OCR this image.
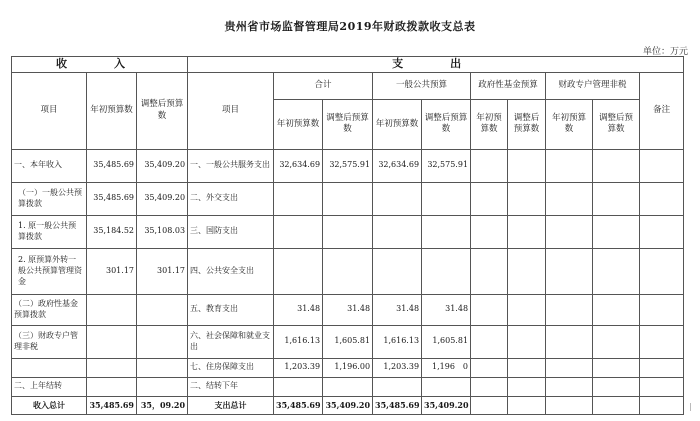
贵州省市场监督管理局2019年财政拨款收支总表
单位：万元
收　入			支　出									
项目	年初预算数	调整后预算数	项目	合计		一般公共预算		政府性基金预算		财政专户管理非税		备注
				年初预算数	调整后预算数	年初预算数	调整后预算数	年初预算数	调整后预算数	年初预算数	调整后预算数	
一、本年收入	35,485.69	35,409.20	一、一般公共服务支出	32,634.69	32,575.91	32,634.69	32,575.91					
（一）一般公共预算拨款	35,485.69	35,409.20	二、外交支出									
1. 原一般公共预算拨款	35,184.52	35,108.03	三、国防支出									
2. 原预算外转一般公共预算管理资金	301.17	301.17	四、公共安全支出									
（二）政府性基金预算拨款			五、教育支出	31.48	31.48	31.48	31.48					
（三）财政专户管理非税			六、社会保障和就业支出	1,616.13	1,605.81	1,616.13	1,605.81					
			七、住房保障支出	1,203.39	1,196.00	1,203.39	1,196　0					
二、上年结转			二、结转下年									
收入总计	35,485.69	35，09.20	支出总计	35,485.69	35,409.20	35,485.69	35,409.20					
